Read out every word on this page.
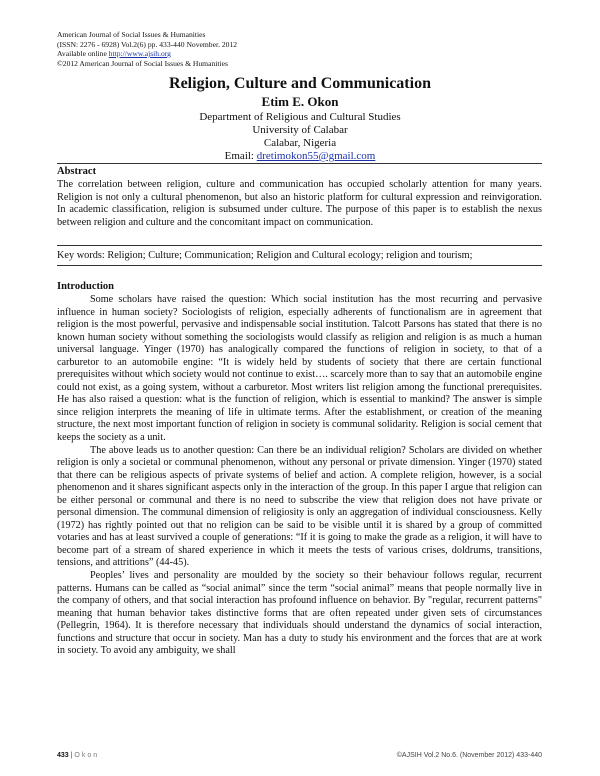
American Journal of Social Issues & Humanities
(ISSN: 2276 - 6928) Vol.2(6) pp. 433-440 November. 2012
Available online http://www.ajsih.org
©2012 American Journal of Social Issues & Humanities
Religion, Culture and Communication
Etim E. Okon
Department of Religious and Cultural Studies
University of Calabar
Calabar, Nigeria
Email: dretimokon55@gmail.com
Abstract
The correlation between religion, culture and communication has occupied scholarly attention for many years. Religion is not only a cultural phenomenon, but also an historic platform for cultural expression and reinvigoration. In academic classification, religion is subsumed under culture. The purpose of this paper is to establish the nexus between religion and culture and the concomitant impact on communication.
Key words: Religion; Culture; Communication; Religion and Cultural ecology; religion and tourism;
Introduction

Some scholars have raised the question: Which social institution has the most recurring and pervasive influence in human society? Sociologists of religion, especially adherents of functionalism are in agreement that religion is the most powerful, pervasive and indispensable social institution. Talcott Parsons has stated that there is no known human society without something the sociologists would classify as religion and religion is as much a human universal language. Yinger (1970) has analogically compared the functions of religion in society, to that of a carburetor to an automobile engine: “It is widely held by students of society that there are certain functional prerequisites without which society would not continue to exist…. scarcely more than to say that an automobile engine could not exist, as a going system, without a carburetor. Most writers list religion among the functional prerequisites. He has also raised a question: what is the function of religion, which is essential to mankind? The answer is simple since religion interprets the meaning of life in ultimate terms. After the establishment, or creation of the meaning structure, the next most important function of religion in society is communal solidarity. Religion is social cement that keeps the society as a unit.

The above leads us to another question: Can there be an individual religion? Scholars are divided on whether religion is only a societal or communal phenomenon, without any personal or private dimension. Yinger (1970) stated that there can be religious aspects of private systems of belief and action. A complete religion, however, is a social phenomenon and it shares significant aspects only in the interaction of the group. In this paper I argue that religion can be either personal or communal and there is no need to subscribe the view that religion does not have private or personal dimension. The communal dimension of religiosity is only an aggregation of individual consciousness. Kelly (1972) has rightly pointed out that no religion can be said to be visible until it is shared by a group of committed votaries and has at least survived a couple of generations: “If it is going to make the grade as a religion, it will have to become part of a stream of shared experience in which it meets the tests of various crises, doldrums, transitions, tensions, and attritions” (44-45).

Peoples’ lives and personality are moulded by the society so their behaviour follows regular, recurrent patterns. Humans can be called as “social animal” since the term “social animal” means that people normally live in the company of others, and that social interaction has profound influence on behavior. By "regular, recurrent patterns" meaning that human behavior takes distinctive forms that are often repeated under given sets of circumstances (Pellegrin, 1964). It is therefore necessary that individuals should understand the dynamics of social interaction, functions and structure that occur in society. Man has a duty to study his environment and the forces that are at work in society. To avoid any ambiguity, we shall

433 | Okon	©AJSIH Vol.2 No.6. (November 2012) 433-440
